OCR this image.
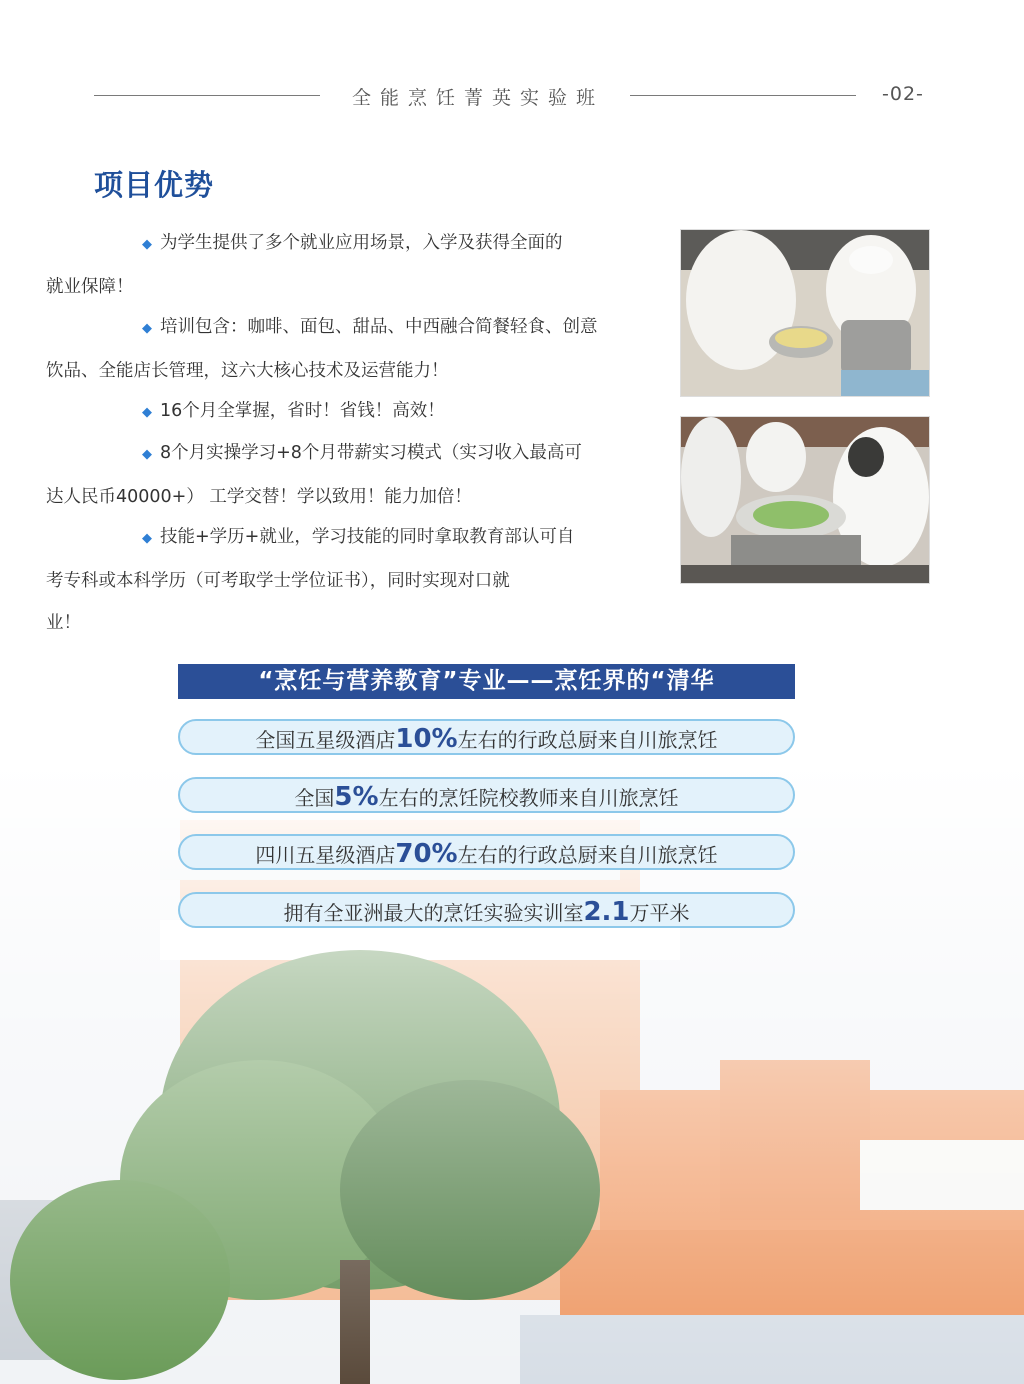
全能烹饪菁英实验班	-02-
项目优势
◆ 为学生提供了多个就业应用场景，入学及获得全面的
就业保障！
◆ 培训包含：咖啡、面包、甜品、中西融合简餐轻食、创意
饮品、全能店长管理，这六大核心技术及运营能力！
◆ 16个月全掌握，省时！省钱！高效！
◆ 8个月实操学习+8个月带薪实习模式（实习收入最高可
达人民币40000+） 工学交替！学以致用！能力加倍！
◆ 技能+学历+就业，学习技能的同时拿取教育部认可自
考专科或本科学历（可考取学士学位证书），同时实现对口就
业！
“烹饪与营养教育”专业——烹饪界的“清华
全国五星级酒店10%左右的行政总厨来自川旅烹饪
全国5%左右的烹饪院校教师来自川旅烹饪
四川五星级酒店70%左右的行政总厨来自川旅烹饪
拥有全亚洲最大的烹饪实验实训室2.1万平米
